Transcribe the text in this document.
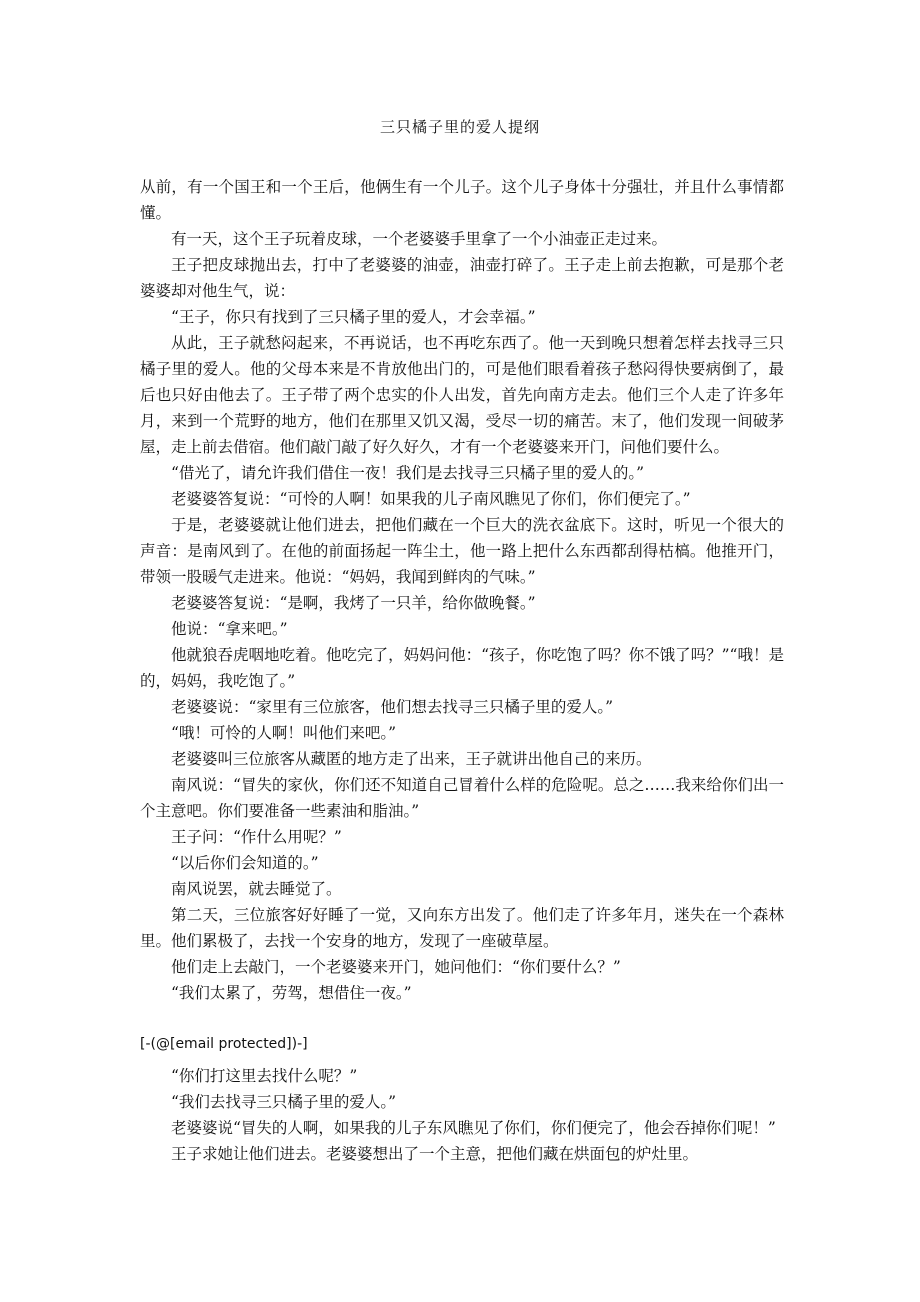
三只橘子里的爱人提纲

从前，有一个国王和一个王后，他俩生有一个儿子。这个儿子身体十分强壮，并且什么事情都懂。

有一天，这个王子玩着皮球，一个老婆婆手里拿了一个小油壶正走过来。

王子把皮球抛出去，打中了老婆婆的油壶，油壶打碎了。王子走上前去抱歉，可是那个老婆婆却对他生气，说：

“王子，你只有找到了三只橘子里的爱人，才会幸福。”

从此，王子就愁闷起来，不再说话，也不再吃东西了。他一天到晚只想着怎样去找寻三只橘子里的爱人。他的父母本来是不肯放他出门的，可是他们眼看着孩子愁闷得快要病倒了，最后也只好由他去了。王子带了两个忠实的仆人出发，首先向南方走去。他们三个人走了许多年月，来到一个荒野的地方，他们在那里又饥又渴，受尽一切的痛苦。末了，他们发现一间破茅屋，走上前去借宿。他们敲门敲了好久好久，才有一个老婆婆来开门，问他们要什么。

“借光了，请允许我们借住一夜！我们是去找寻三只橘子里的爱人的。”

老婆婆答复说：“可怜的人啊！如果我的儿子南风瞧见了你们，你们便完了。”

于是，老婆婆就让他们进去，把他们藏在一个巨大的洗衣盆底下。这时，听见一个很大的声音：是南风到了。在他的前面扬起一阵尘土，他一路上把什么东西都刮得枯槁。他推开门，带领一股暖气走进来。他说：“妈妈，我闻到鲜肉的气味。”

老婆婆答复说：“是啊，我烤了一只羊，给你做晚餐。”

他说：“拿来吧。”

他就狼吞虎咽地吃着。他吃完了，妈妈问他：“孩子，你吃饱了吗？你不饿了吗？”“哦！是的，妈妈，我吃饱了。”

老婆婆说：“家里有三位旅客，他们想去找寻三只橘子里的爱人。”

“哦！可怜的人啊！叫他们来吧。”

老婆婆叫三位旅客从藏匿的地方走了出来，王子就讲出他自己的来历。

南风说：“冒失的家伙，你们还不知道自己冒着什么样的危险呢。总之……我来给你们出一个主意吧。你们要准备一些素油和脂油。”

王子问：“作什么用呢？”

“以后你们会知道的。”

南风说罢，就去睡觉了。

第二天，三位旅客好好睡了一觉，又向东方出发了。他们走了许多年月，迷失在一个森林里。他们累极了，去找一个安身的地方，发现了一座破草屋。

他们走上去敲门，一个老婆婆来开门，她问他们：“你们要什么？”

“我们太累了，劳驾，想借住一夜。”

[-(@[email protected])-]

“你们打这里去找什么呢？”

“我们去找寻三只橘子里的爱人。”

老婆婆说“冒失的人啊，如果我的儿子东风瞧见了你们，你们便完了，他会吞掉你们呢！”

王子求她让他们进去。老婆婆想出了一个主意，把他们藏在烘面包的炉灶里。
